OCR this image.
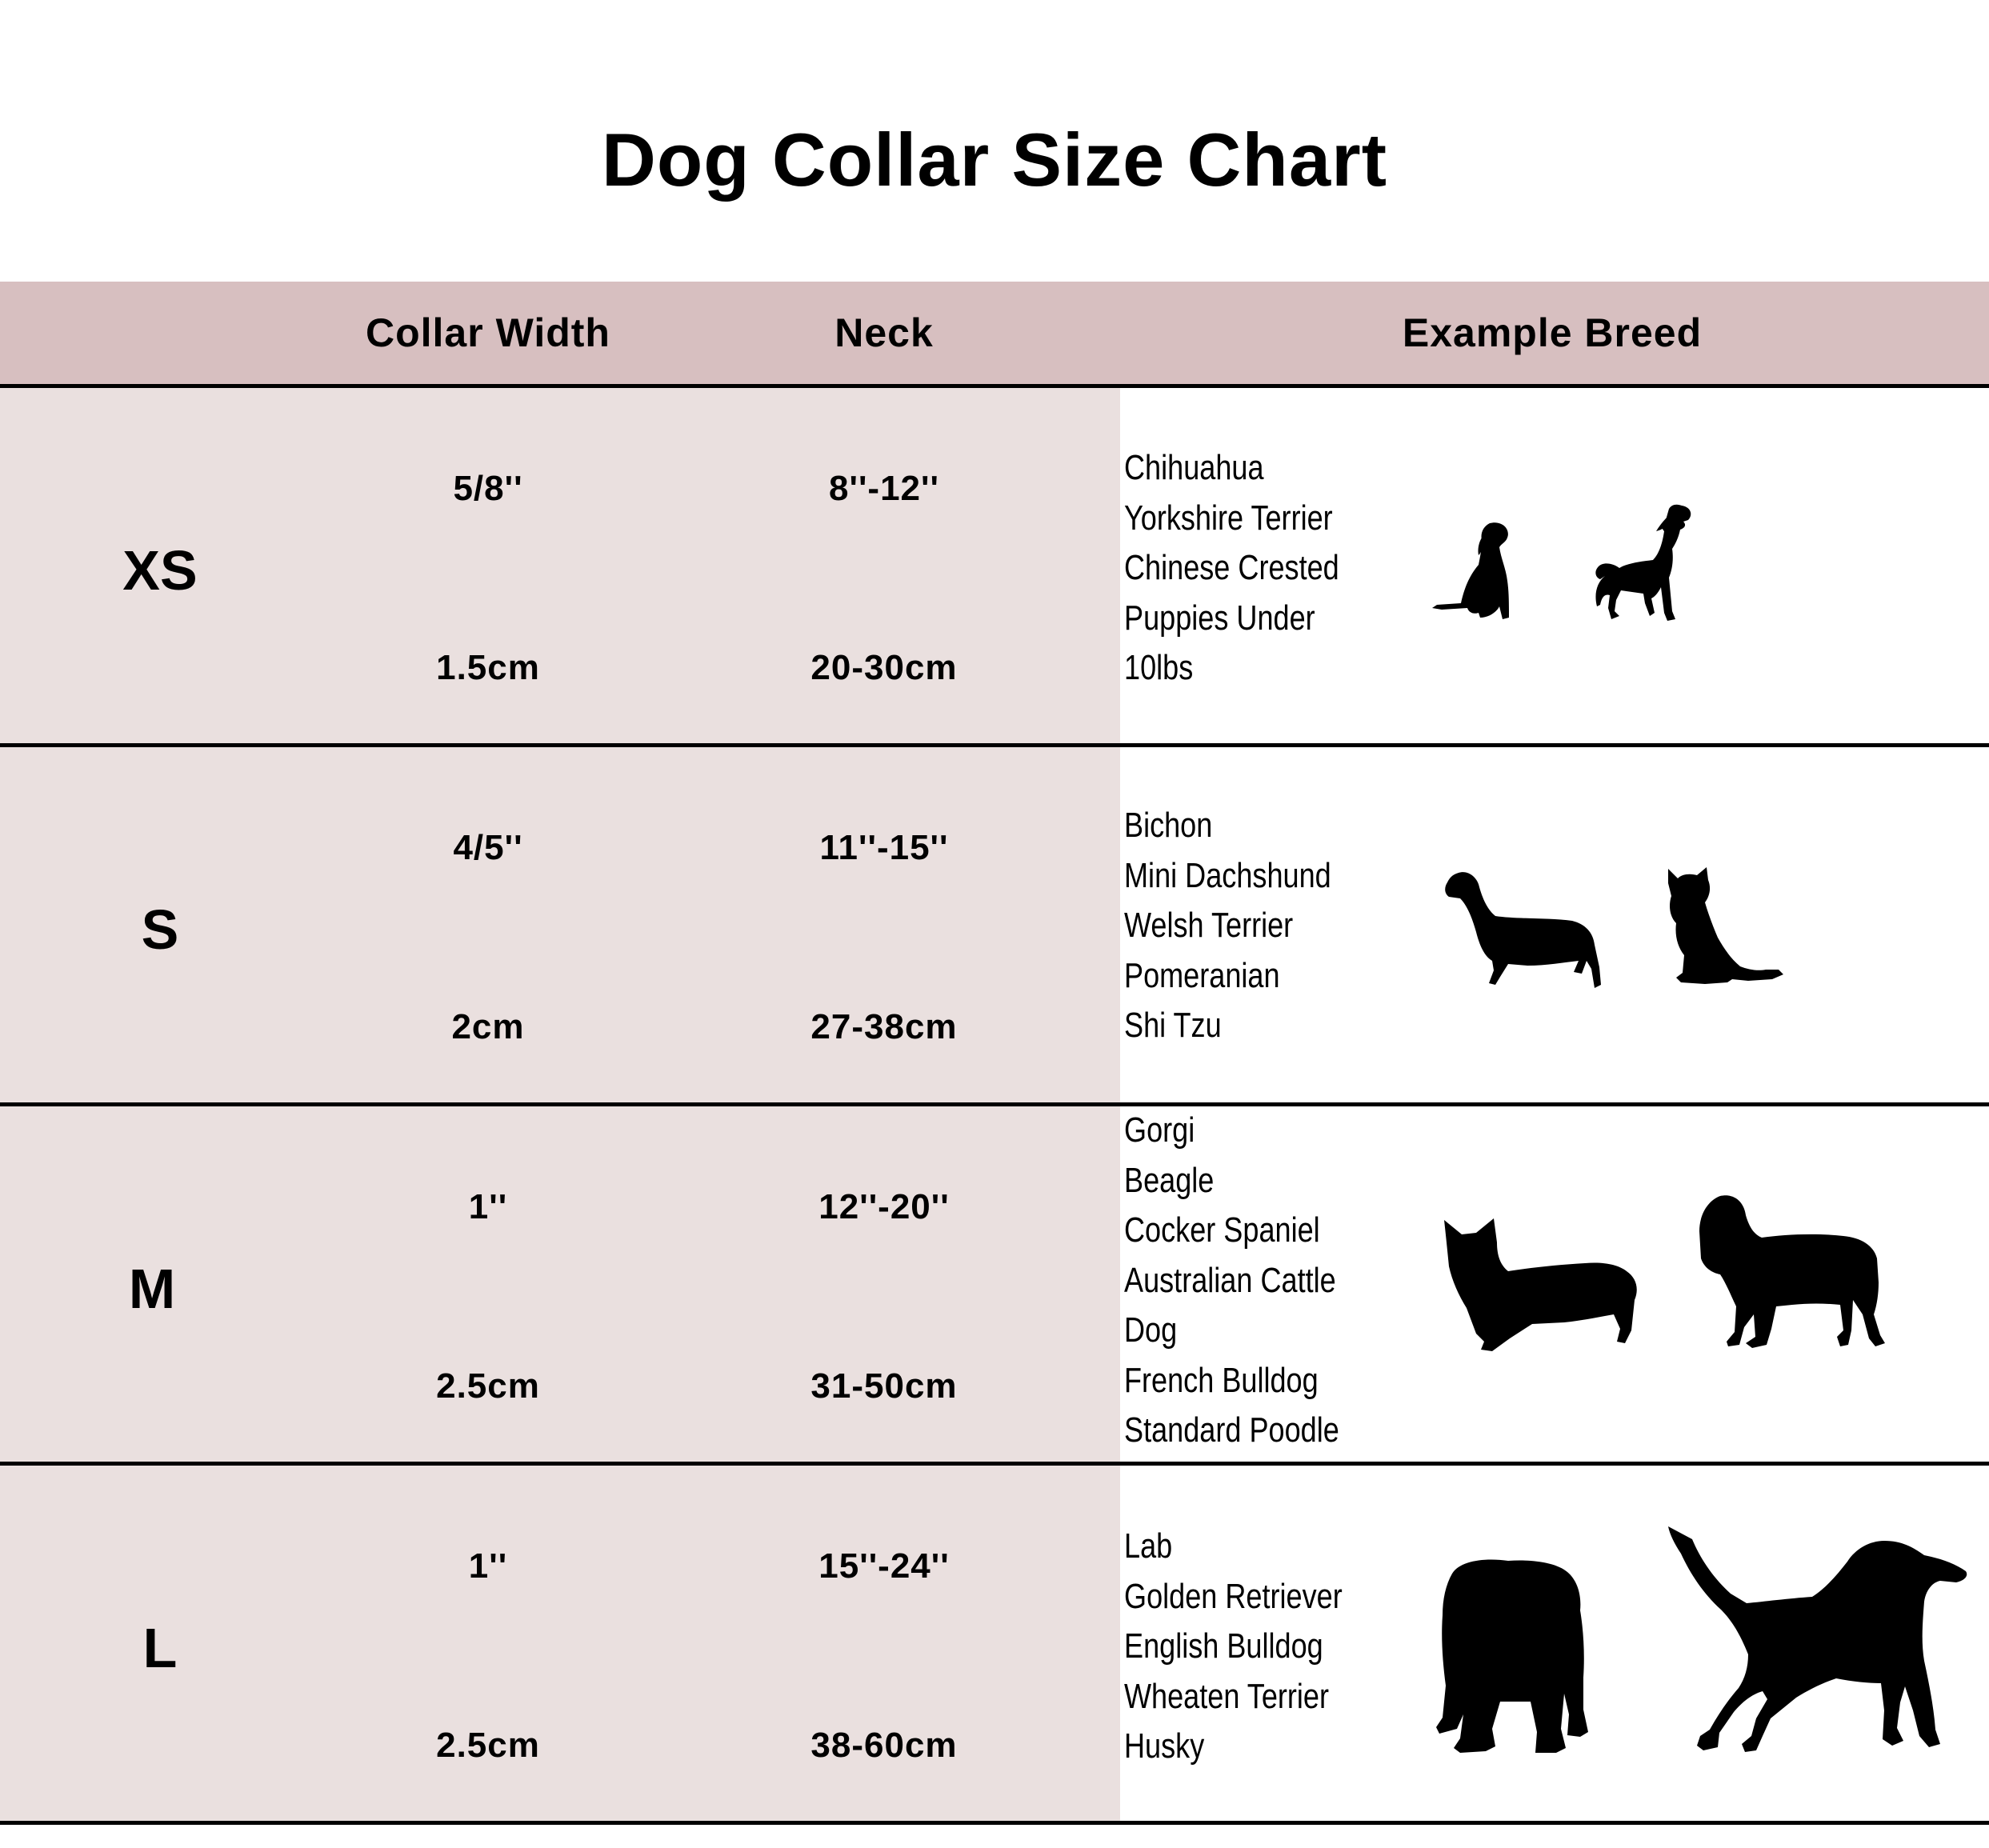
Dog Collar Size Chart
Collar Width	Neck	Example Breed
XS
5/8''
1.5cm
8''-12''
20-30cm
Chihuahua
Yorkshire Terrier
Chinese Crested
Puppies Under
10lbs
S
4/5''
2cm
11''-15''
27-38cm
Bichon
Mini Dachshund
Welsh Terrier
Pomeranian
Shi Tzu
M
1''
2.5cm
12''-20''
31-50cm
Gorgi
Beagle
Cocker Spaniel
Australian Cattle
Dog
French Bulldog
Standard Poodle
L
1''
2.5cm
15''-24''
38-60cm
Lab
Golden Retriever
English Bulldog
Wheaten Terrier
Husky
